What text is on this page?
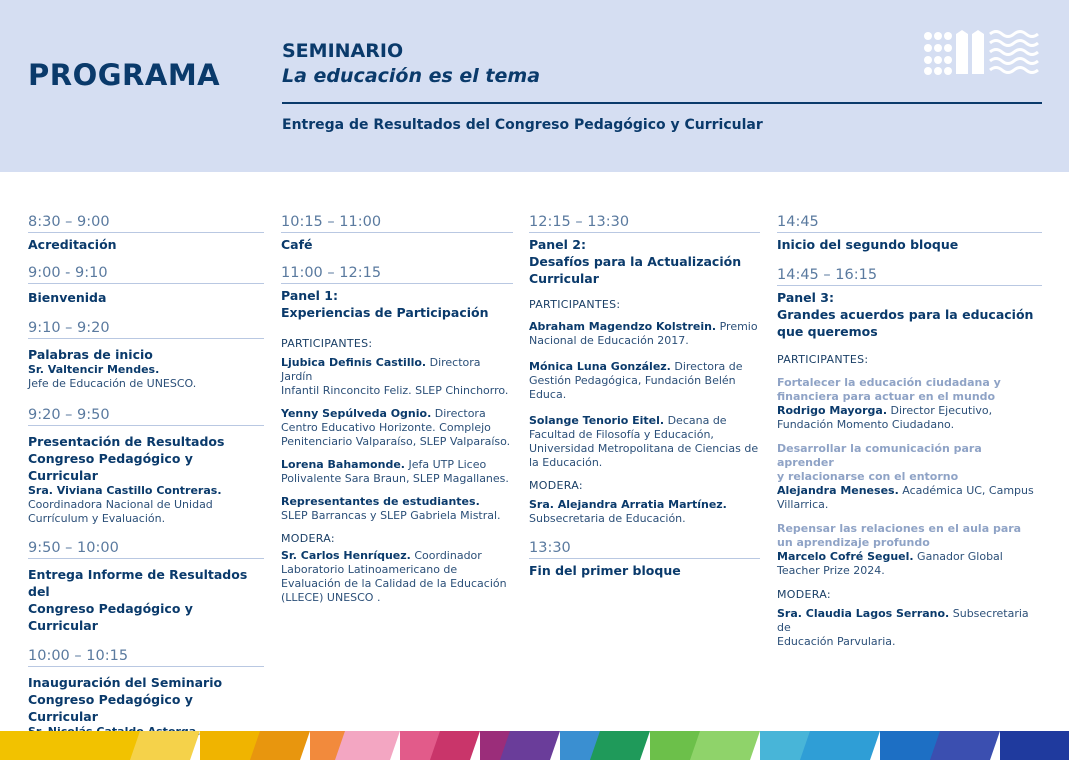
PROGRAMA
SEMINARIO
La educación es el tema
Entrega de Resultados del Congreso Pedagógico y Curricular
8:30 – 9:00
Acreditación
9:00 - 9:10
Bienvenida
9:10 – 9:20
Palabras de inicio
Sr. Valtencir Mendes.
Jefe de Educación de UNESCO.
9:20 – 9:50
Presentación de Resultados
Congreso Pedagógico y Curricular
Sra. Viviana Castillo Contreras.
Coordinadora Nacional de Unidad
Currículum y Evaluación.
9:50 – 10:00
Entrega Informe de Resultados del
Congreso Pedagógico y Curricular
10:00 – 10:15
Inauguración del Seminario
Congreso Pedagógico y Curricular
10:15 – 11:00
Café
11:00 – 12:15
Panel 1:
Experiencias de Participación
PARTICIPANTES:
Ljubica Definis Castillo. Directora Jardín
Infantil Rinconcito Feliz. SLEP Chinchorro.
Yenny Sepúlveda Ognio. Directora
Centro Educativo Horizonte. Complejo
Penitenciario Valparaíso, SLEP Valparaíso.
Lorena Bahamonde. Jefa UTP Liceo
Polivalente Sara Braun, SLEP Magallanes.
Representantes de estudiantes.
SLEP Barrancas y SLEP Gabriela Mistral.
MODERA:
Sr. Carlos Henríquez. Coordinador
Laboratorio Latinoamericano de
Evaluación de la Calidad de la Educación
(LLECE) UNESCO .
12:15 – 13:30
Panel 2:
Desafíos para la Actualización
Curricular
PARTICIPANTES:
Abraham Magendzo Kolstrein. Premio
Nacional de Educación 2017.
Mónica Luna González. Directora de
Gestión Pedagógica, Fundación Belén
Educa.
Solange Tenorio Eitel. Decana de
Facultad de Filosofía y Educación,
Universidad Metropolitana de Ciencias de
la Educación.
MODERA:
Sra. Alejandra Arratia Martínez.
Subsecretaria de Educación.
13:30
Fin del primer bloque
14:45
Inicio del segundo bloque
14:45 – 16:15
Panel 3:
Grandes acuerdos para la educación
que queremos
PARTICIPANTES:
Fortalecer la educación ciudadana y
financiera para actuar en el mundo
Rodrigo Mayorga. Director Ejecutivo,
Fundación Momento Ciudadano.
Desarrollar la comunicación para aprender
y relacionarse con el entorno
Alejandra Meneses. Académica UC, Campus
Villarrica.
Repensar las relaciones en el aula para
un aprendizaje profundo
Marcelo Cofré Seguel. Ganador Global
Teacher Prize 2024.
MODERA:
Sra. Claudia Lagos Serrano. Subsecretaria de
Educación Parvularia.
